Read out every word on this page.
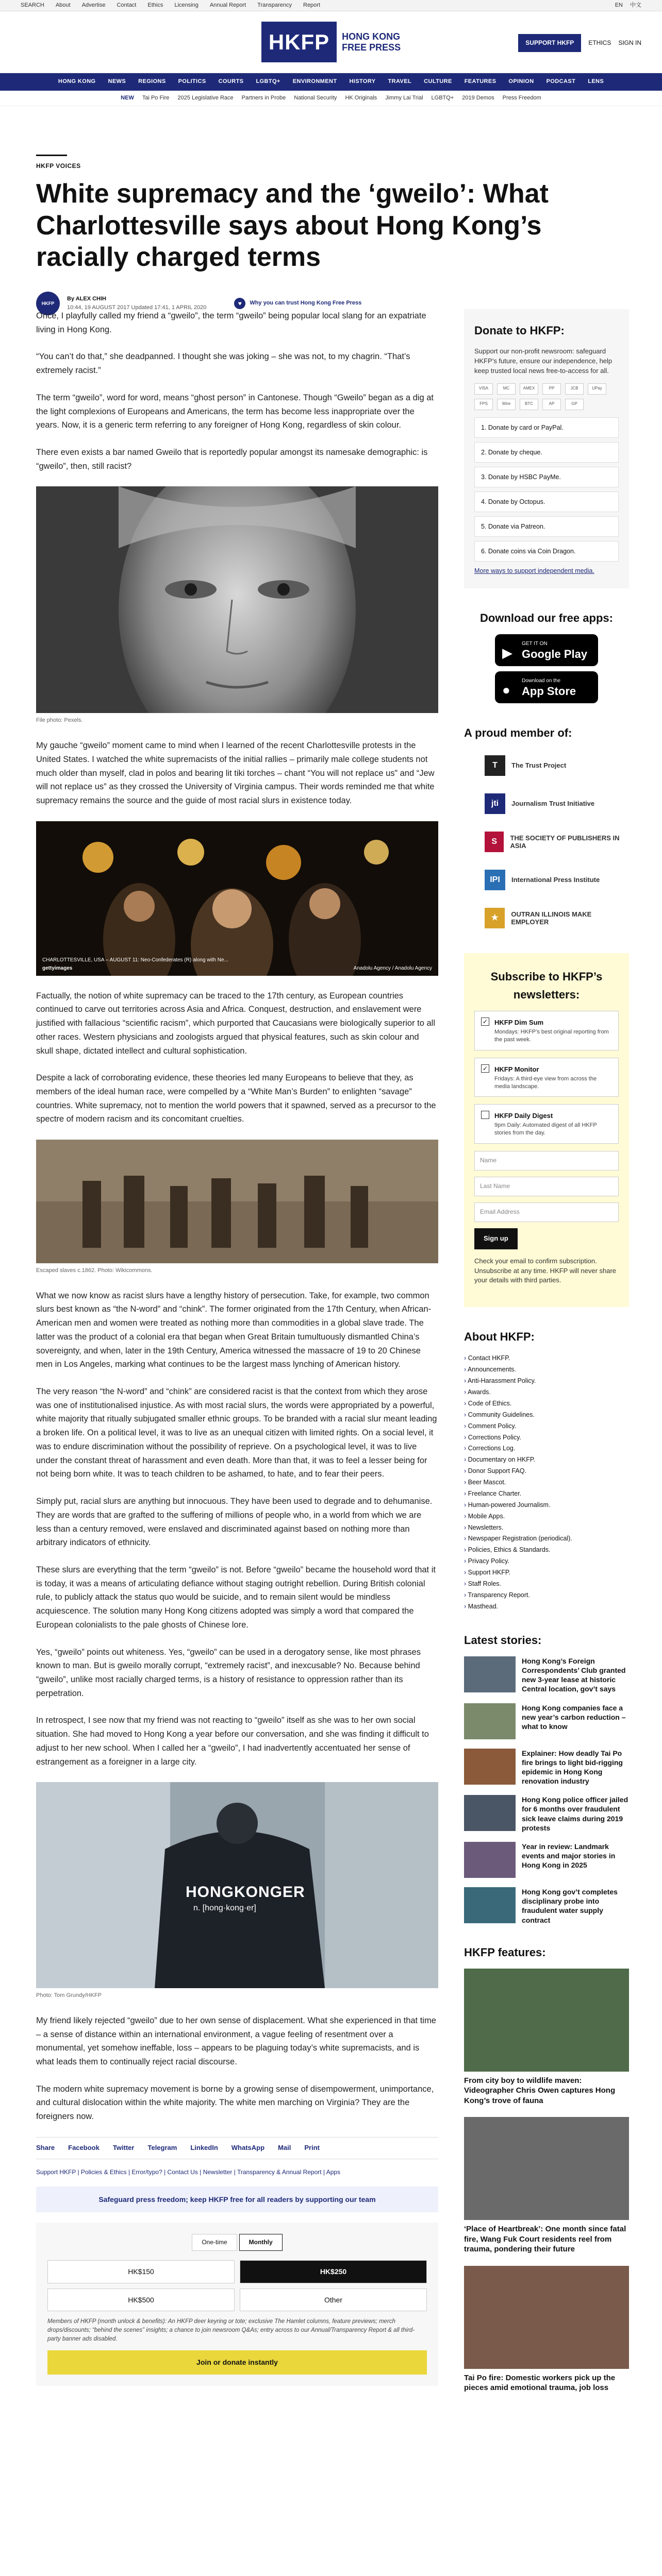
SEARCH About Advertise Contact Ethics Licensing Annual Report Transparency Report	EN 中文
HKFP	HONG KONG
FREE PRESS	SUPPORT HKFP	ETHICS SIGN IN
HONG KONG NEWS REGIONS POLITICS COURTS LGBTQ+ ENVIRONMENT HISTORY TRAVEL CULTURE FEATURES OPINION PODCAST LENS
NEW Tai Po Fire 2025 Legislative Race Partners in Probe National Security HK Originals Jimmy Lai Trial LGBTQ+ 2019 Demos Press Freedom
HKFP VOICES
White supremacy and the ‘gweilo’: What Charlottesville says about Hong Kong’s racially charged terms
HKFP
By ALEX CHIH
10:44, 19 AUGUST 2017 Updated 17:41, 1 APRIL 2020
♥	Why you can trust Hong Kong Free Press

Once, I playfully called my friend a “gweilo”, the term “gweilo” being popular local slang for an expatriate living in Hong Kong.

“You can’t do that,” she deadpanned. I thought she was joking – she was not, to my chagrin. “That’s extremely racist.”

The term “gweilo”, word for word, means “ghost person” in Cantonese. Though “Gweilo” began as a dig at the light complexions of Europeans and Americans, the term has become less inappropriate over the years. Now, it is a generic term referring to any foreigner of Hong Kong, regardless of skin colour.

There even exists a bar named Gweilo that is reportedly popular amongst its namesake demographic: is “gweilo”, then, still racist?

File photo: Pexels.

My gauche “gweilo” moment came to mind when I learned of the recent Charlottesville protests in the United States. I watched the white supremacists of the initial rallies – primarily male college students not much older than myself, clad in polos and bearing lit tiki torches – chant “You will not replace us” and “Jew will not replace us” as they crossed the University of Virginia campus. Their words reminded me that white supremacy remains the source and the guide of most racial slurs in existence today.

CHARLOTTESVILLE, USA – AUGUST 11: Neo-Confederates (R) along with Ne...
gettyimages	Anadolu Agency / Anadolu Agency

Factually, the notion of white supremacy can be traced to the 17th century, as European countries continued to carve out territories across Asia and Africa. Conquest, destruction, and enslavement were justified with fallacious “scientific racism”, which purported that Caucasians were biologically superior to all other races. Western physicians and zoologists argued that physical features, such as skin colour and skull shape, dictated intellect and cultural sophistication.

Despite a lack of corroborating evidence, these theories led many Europeans to believe that they, as members of the ideal human race, were compelled by a “White Man’s Burden” to enlighten “savage” countries. White supremacy, not to mention the world powers that it spawned, served as a precursor to the spectre of modern racism and its concomitant cruelties.

Escaped slaves c.1862. Photo: Wikicommons.

What we now know as racist slurs have a lengthy history of persecution. Take, for example, two common slurs best known as “the N-word” and “chink”. The former originated from the 17th Century, when African-American men and women were treated as nothing more than commodities in a global slave trade. The latter was the product of a colonial era that began when Great Britain tumultuously dismantled China’s sovereignty, and when, later in the 19th Century, America witnessed the massacre of 19 to 20 Chinese men in Los Angeles, marking what continues to be the largest mass lynching of American history.

The very reason “the N-word” and “chink” are considered racist is that the context from which they arose was one of institutionalised injustice. As with most racial slurs, the words were appropriated by a powerful, white majority that ritually subjugated smaller ethnic groups. To be branded with a racial slur meant leading a broken life. On a political level, it was to live as an unequal citizen with limited rights. On a social level, it was to endure discrimination without the possibility of reprieve. On a psychological level, it was to live under the constant threat of harassment and even death. More than that, it was to feel a lesser being for not being born white. It was to teach children to be ashamed, to hate, and to fear their peers.

Simply put, racial slurs are anything but innocuous. They have been used to degrade and to dehumanise. They are words that are grafted to the suffering of millions of people who, in a world from which we are less than a century removed, were enslaved and discriminated against based on nothing more than arbitrary indicators of ethnicity.

These slurs are everything that the term “gweilo” is not. Before “gweilo” became the household word that it is today, it was a means of articulating defiance without staging outright rebellion. During British colonial rule, to publicly attack the status quo would be suicide, and to remain silent would be mindless acquiescence. The solution many Hong Kong citizens adopted was simply a word that compared the European colonialists to the pale ghosts of Chinese lore.

Yes, “gweilo” points out whiteness. Yes, “gweilo” can be used in a derogatory sense, like most phrases known to man. But is gweilo morally corrupt, “extremely racist”, and inexcusable? No. Because behind “gweilo”, unlike most racially charged terms, is a history of resistance to oppression rather than its perpetration.

In retrospect, I see now that my friend was not reacting to “gweilo” itself as she was to her own social situation. She had moved to Hong Kong a year before our conversation, and she was finding it difficult to adjust to her new school. When I called her a “gweilo”, I had inadvertently accentuated her sense of estrangement as a foreigner in a large city.

HONGKONGER
n. [hong·kong·er]
Photo: Tom Grundy/HKFP

My friend likely rejected “gweilo” due to her own sense of displacement. What she experienced in that time – a sense of distance within an international environment, a vague feeling of resentment over a monumental, yet somehow ineffable, loss – appears to be plaguing today’s white supremacists, and is what leads them to continually reject racial discourse.

The modern white supremacy movement is borne by a growing sense of disempowerment, unimportance, and cultural dislocation within the white majority. The white men marching on Virginia? They are the foreigners now.

Share Facebook Twitter Telegram LinkedIn WhatsApp Mail Print
Support HKFP | Policies & Ethics | Error/typo? | Contact Us | Newsletter | Transparency & Annual Report | Apps
Safeguard press freedom; keep HKFP free for all readers by supporting our team
One-time	Monthly
HK$150	HK$250
HK$500	Other
Members of HKFP (month unlock & benefits): An HKFP deer keyring or tote; exclusive The Hamlet columns, feature previews; merch drops/discounts; “behind the scenes” insights; a chance to join newsroom Q&As; entry across to our Annual/Transparency Report & all third-party banner ads disabled.
Join or donate instantly
Donate to HKFP:
Support our non-profit newsroom: safeguard HKFP’s future, ensure our independence, help keep trusted local news free-to-access for all.
VISA	MC	AMEX	PP	JCB	UPay
FPS	Wire	BTC	AP	GP
1. Donate by card or PayPal.
2. Donate by cheque.
3. Donate by HSBC PayMe.
4. Donate by Octopus.
5. Donate via Patreon.
6. Donate coins via Coin Dragon.
More ways to support independent media.
Download our free apps:
▶
GET IT ON
Google Play
●
Download on the
App Store
A proud member of:
T	The Trust Project
jti	Journalism Trust Initiative
S	THE SOCIETY OF PUBLISHERS IN ASIA
IPI	International Press Institute
★	OUTRAN ILLINOIS MAKE EMPLOYER
Subscribe to HKFP’s newsletters:
✓ HKFP Dim Sum
Mondays: HKFP’s best original reporting from the past week.
✓ HKFP Monitor
Fridays: A third-eye view from across the media landscape.
HKFP Daily Digest
9pm Daily: Automated digest of all HKFP stories from the day.
Name
Last Name
Email Address
Sign up
Check your email to confirm subscription. Unsubscribe at any time. HKFP will never share your details with third parties.
About HKFP:
› Contact HKFP.
› Announcements.
› Anti-Harassment Policy.
› Awards.
› Code of Ethics.
› Community Guidelines.
› Comment Policy.
› Corrections Policy.
› Corrections Log.
› Documentary on HKFP.
› Donor Support FAQ.
› Beer Mascot.
› Freelance Charter.
› Human-powered Journalism.
› Mobile Apps.
› Newsletters.
› Newspaper Registration (periodical).
› Policies, Ethics & Standards.
› Privacy Policy.
› Support HKFP.
› Staff Roles.
› Transparency Report.
› Masthead.
Latest stories:
Hong Kong’s Foreign Correspondents’ Club granted new 3-year lease at historic Central location, gov’t says
Hong Kong companies face a new year’s carbon reduction – what to know
Explainer: How deadly Tai Po fire brings to light bid-rigging epidemic in Hong Kong renovation industry
Hong Kong police officer jailed for 6 months over fraudulent sick leave claims during 2019 protests
Year in review: Landmark events and major stories in Hong Kong in 2025
Hong Kong gov’t completes disciplinary probe into fraudulent water supply contract
HKFP features:
From city boy to wildlife maven: Videographer Chris Owen captures Hong Kong’s trove of fauna
‘Place of Heartbreak’: One month since fatal fire, Wang Fuk Court residents reel from trauma, pondering their future
Tai Po fire: Domestic workers pick up the pieces amid emotional trauma, job loss
